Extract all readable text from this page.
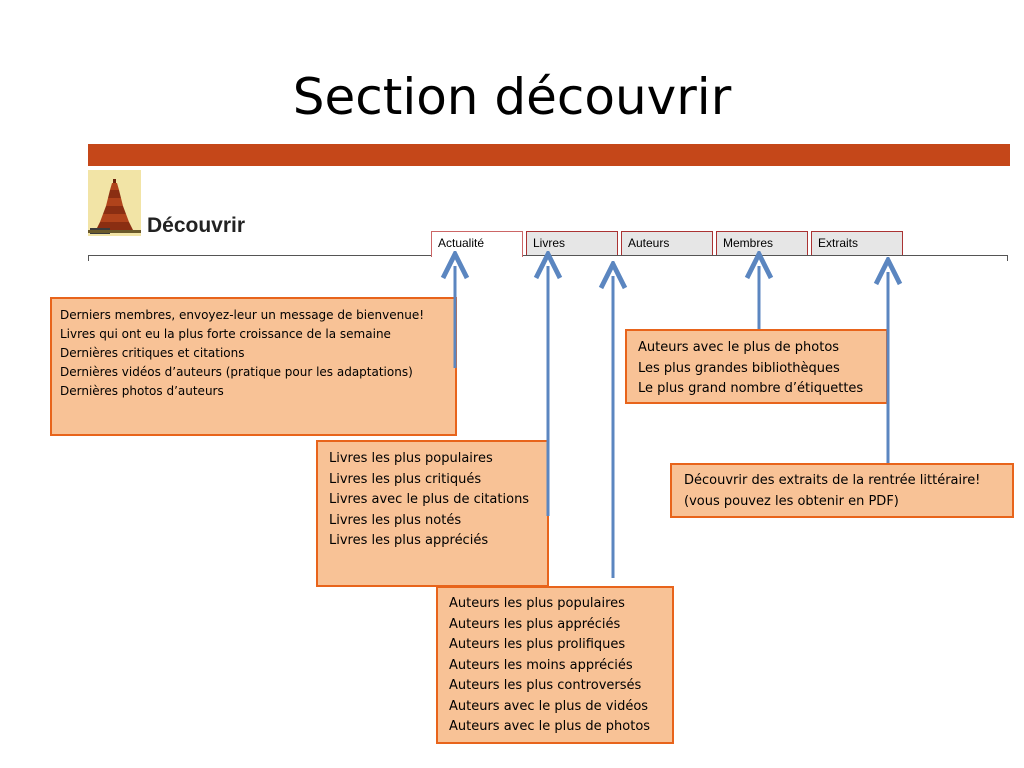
Section découvrir
Découvrir
Actualité	Livres	Auteurs	Membres	Extraits
Derniers membres, envoyez-leur un message de bienvenue!
Livres qui ont eu la plus forte croissance de la semaine
Dernières critiques et citations
Dernières vidéos d’auteurs (pratique pour les adaptations)
Dernières photos d’auteurs
Livres les plus populaires
Livres les plus critiqués
Livres avec le plus de citations
Livres les plus notés
Livres les plus appréciés
Auteurs les plus populaires
Auteurs les plus appréciés
Auteurs les plus prolifiques
Auteurs les moins appréciés
Auteurs les plus controversés
Auteurs avec le plus de vidéos
Auteurs avec le plus de photos
Auteurs avec le plus de photos
Les plus grandes bibliothèques
Le plus grand nombre d’étiquettes
Découvrir des extraits de la rentrée littéraire!
(vous pouvez les obtenir en PDF)
